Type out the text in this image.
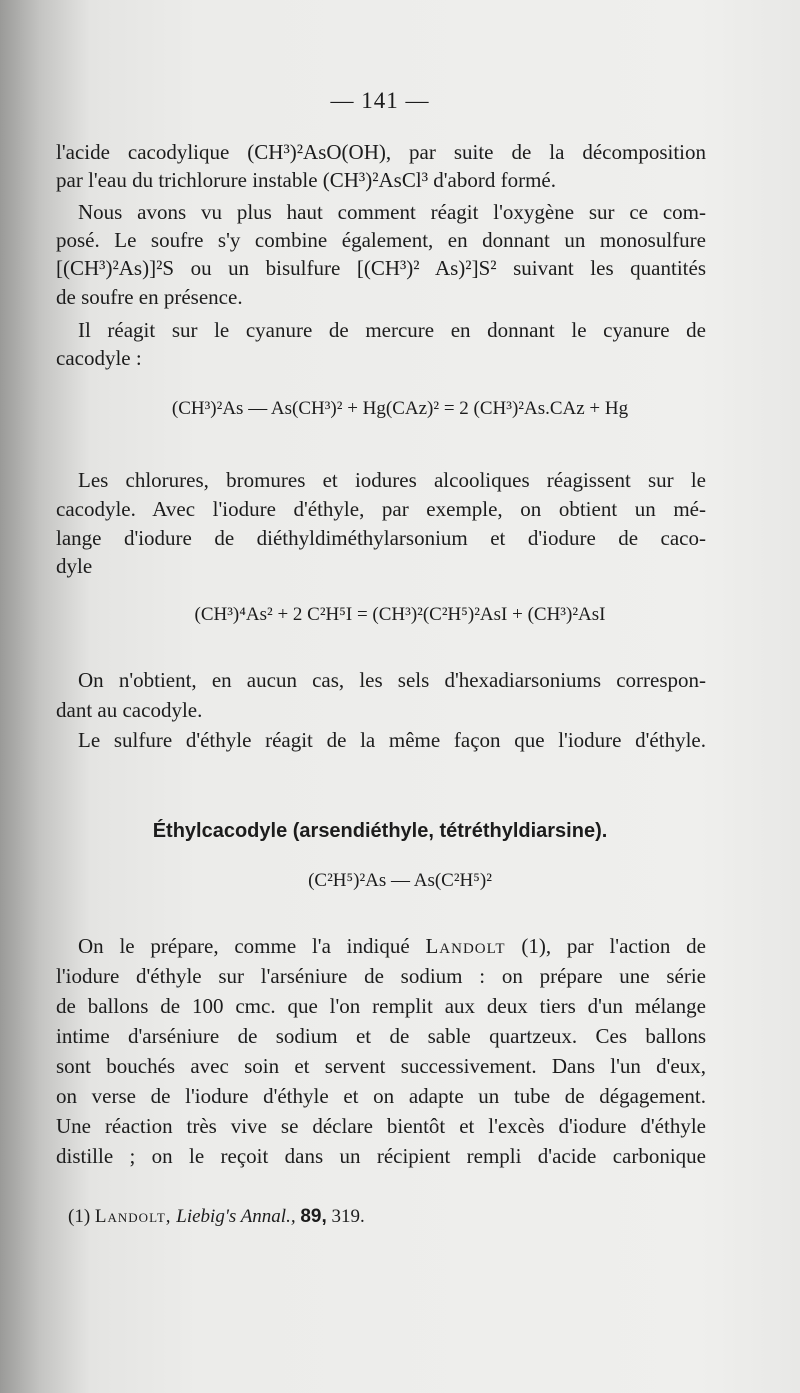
— 141 —
l'acide cacodylique (CH³)²AsO(OH), par suite de la décomposition
par l'eau du trichlorure instable (CH³)²AsCl³ d'abord formé.
Nous avons vu plus haut comment réagit l'oxygène sur ce com-
posé. Le soufre s'y combine également, en donnant un monosulfure
[(CH³)²As)]²S ou un bisulfure [(CH³)² As)²]S² suivant les quantités
de soufre en présence.
Il réagit sur le cyanure de mercure en donnant le cyanure de
cacodyle :
(CH³)²As — As(CH³)² + Hg(CAz)² = 2 (CH³)²As.CAz + Hg
Les chlorures, bromures et iodures alcooliques réagissent sur le
cacodyle. Avec l'iodure d'éthyle, par exemple, on obtient un mé-
lange d'iodure de diéthyldiméthylarsonium et d'iodure de caco-
dyle
(CH³)⁴As² + 2 C²H⁵I = (CH³)²(C²H⁵)²AsI + (CH³)²AsI
On n'obtient, en aucun cas, les sels d'hexadiarsoniums correspon-
dant au cacodyle.
Le sulfure d'éthyle réagit de la même façon que l'iodure d'éthyle.
Éthylcacodyle (arsendiéthyle, tétréthyldiarsine).
(C²H⁵)²As — As(C²H⁵)²
On le prépare, comme l'a indiqué Landolt (1), par l'action de
l'iodure d'éthyle sur l'arséniure de sodium : on prépare une série
de ballons de 100 cmc. que l'on remplit aux deux tiers d'un mélange
intime d'arséniure de sodium et de sable quartzeux. Ces ballons
sont bouchés avec soin et servent successivement. Dans l'un d'eux,
on verse de l'iodure d'éthyle et on adapte un tube de dégagement.
Une réaction très vive se déclare bientôt et l'excès d'iodure d'éthyle
distille ; on le reçoit dans un récipient rempli d'acide carbonique
(1) Landolt, Liebig's Annal., 89, 319.
